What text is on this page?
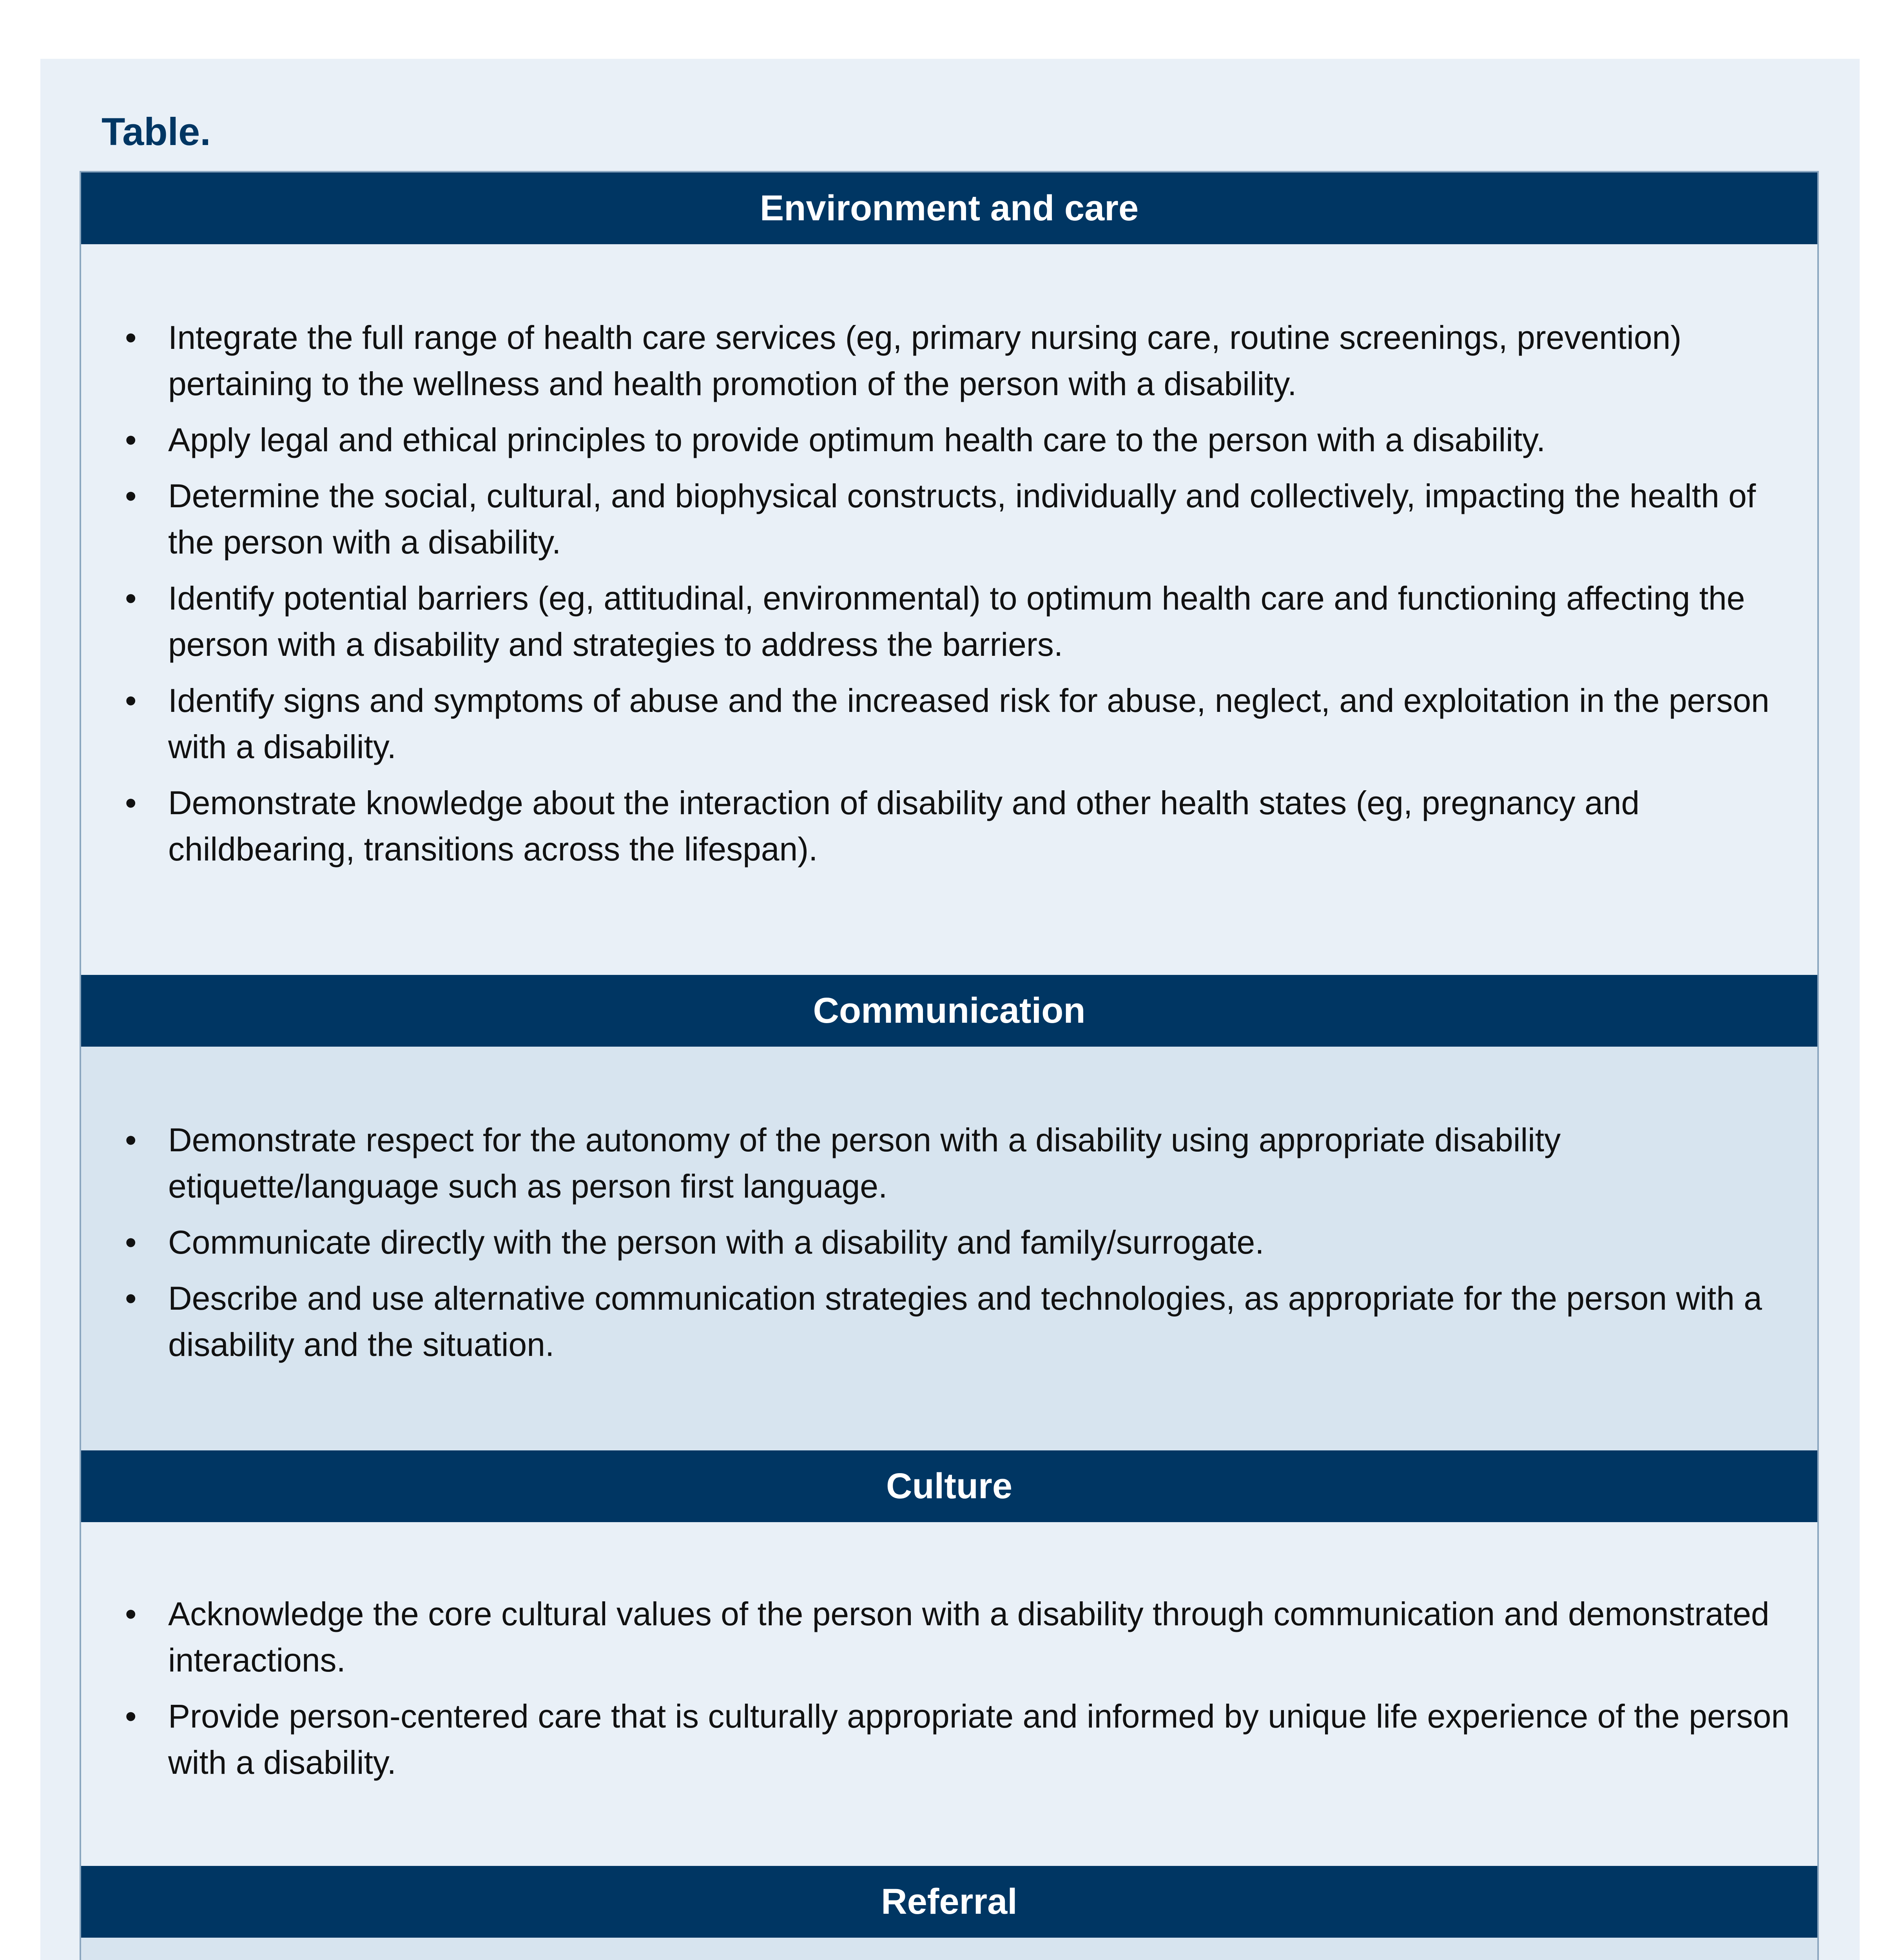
Table.
Environment and care
• Integrate the full range of health care services (eg, primary nursing care, routine screenings, prevention) pertaining to the wellness and health promotion of the person with a disability.
• Apply legal and ethical principles to provide optimum health care to the person with a disability.
• Determine the social, cultural, and biophysical constructs, individually and collectively, impacting the health of the person with a disability.
• Identify potential barriers (eg, attitudinal, environmental) to optimum health care and functioning affecting the person with a disability and strategies to address the barriers.
• Identify signs and symptoms of abuse and the increased risk for abuse, neglect, and exploitation in the person with a disability.
• Demonstrate knowledge about the interaction of disability and other health states (eg, pregnancy and childbearing, transitions across the lifespan).
Communication
• Demonstrate respect for the autonomy of the person with a disability using appropriate disability etiquette/language such as person first language.
• Communicate directly with the person with a disability and family/surrogate.
• Describe and use alternative communication strategies and technologies, as appropriate for the person with a disability and the situation.
Culture
• Acknowledge the core cultural values of the person with a disability through communication and demonstrated interactions.
• Provide person-centered care that is culturally appropriate and informed by unique life experience of the person with a disability.
Referral
